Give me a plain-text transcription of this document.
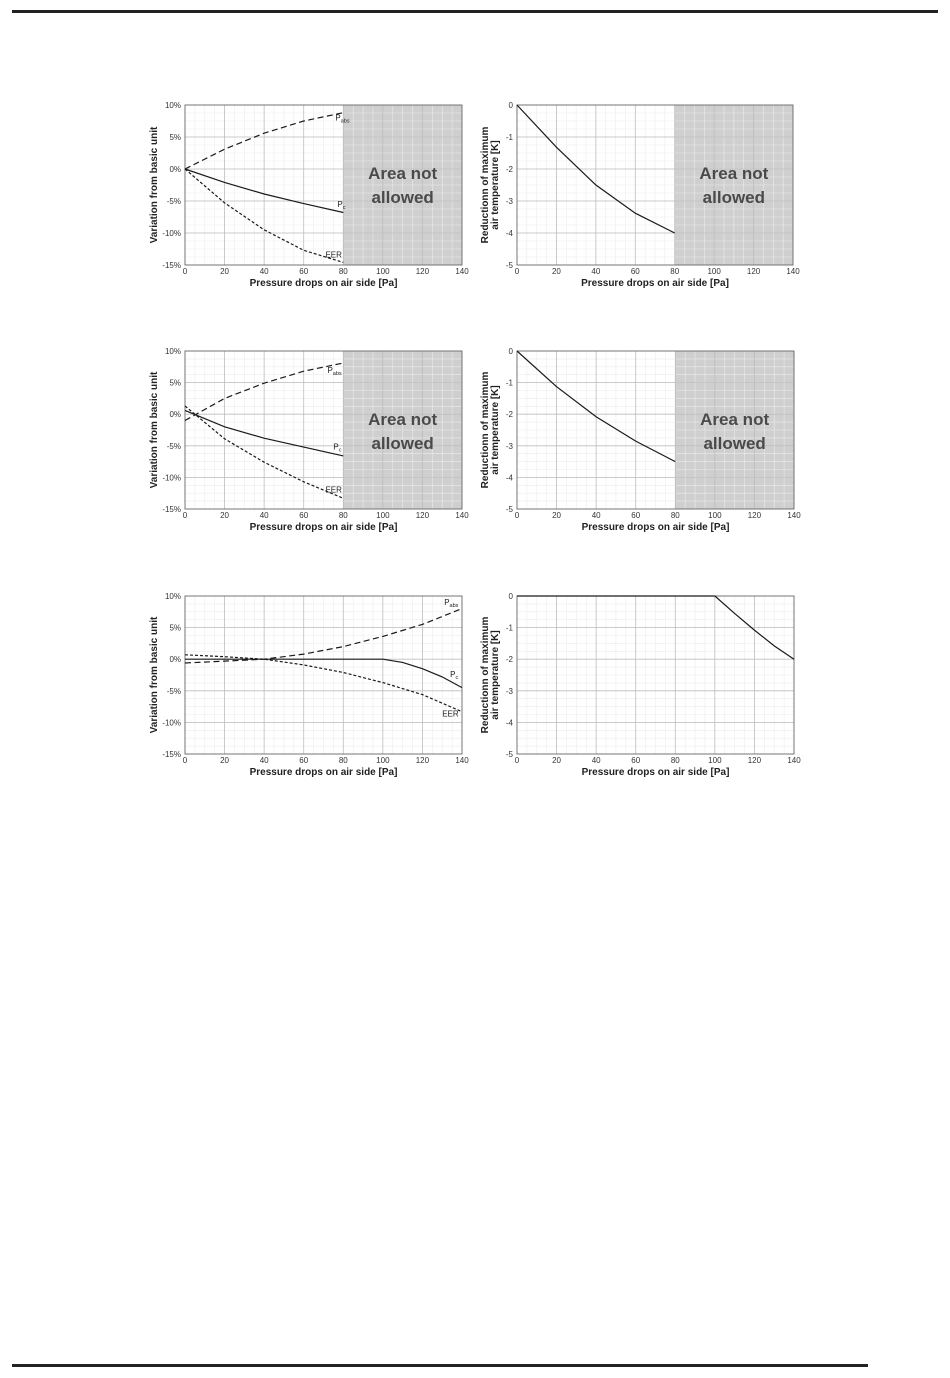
0	20	40	60	80	100	120	140
10%
5%
0%
-5%
-10%
-15%
Pressure drops on air side [Pa]
Variation from basic unit
$P_{abs}$
$P_c$
EER
Area not
allowed
0	20	40	60	80	100	120	140
0
-1
-2
-3
-4
-5
Pressure drops on air side [Pa]
Reductionn of maximum air temperature [K]	Area not
allowed
0	20	40	60	80	100	120	140
10%
5%
0%
-5%
-10%
-15%
Pressure drops on air side [Pa]
Variation from basic unit
$P_{abs}$
$P_c$
EER
Area not
allowed
0	20	40	60	80	100	120	140
0
-1
-2
-3
-4
-5
Pressure drops on air side [Pa]
Reductionn of maximum air temperature [K]	Area not
allowed
0	20	40	60	80	100	120	140
10%
5%
0%
-5%
-10%
-15%
Pressure drops on air side [Pa]
Variation from basic unit
$P_{abs}$
$P_c$
EER
0	20	40	60	80	100	120	140
0
-1
-2
-3
-4
-5
Pressure drops on air side [Pa]
Reductionn of maximum air temperature [K]
